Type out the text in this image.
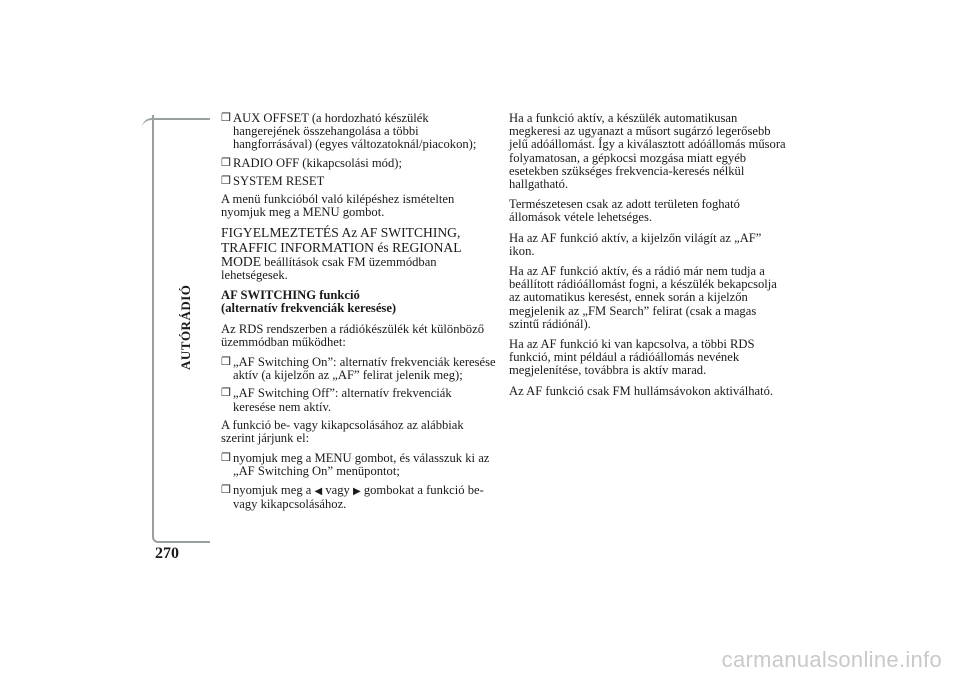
AUTÓRÁDIÓ
270
❒ AUX OFFSET (a hordozható készülék hangerejének összehangolása a többi hangforrásával) (egyes változatoknál/piacokon);
❒ RADIO OFF (kikapcsolási mód);
❒ SYSTEM RESET

A menü funkcióból való kilépéshez ismételten nyomjuk meg a MENU gombot.

FIGYELMEZTETÉS Az AF SWITCHING, TRAFFIC INFORMATION és REGIONAL MODE beállítások csak FM üzemmódban lehetségesek.

AF SWITCHING funkció
(alternatív frekvenciák keresése)

Az RDS rendszerben a rádiókészülék két különböző üzemmódban működhet:

❒ „AF Switching On”: alternatív frekvenciák keresése aktív (a kijelzőn az „AF” felirat jelenik meg);
❒ „AF Switching Off”: alternatív frekvenciák keresése nem aktív.

A funkció be- vagy kikapcsolásához az alábbiak szerint járjunk el:

❒ nyomjuk meg a MENU gombot, és válasszuk ki az „AF Switching On” menüpontot;
❒ nyomjuk meg a ◀ vagy ▶ gombokat a funkció be- vagy kikapcsolásához.

Ha a funkció aktív, a készülék automatikusan megkeresi az ugyanazt a műsort sugárzó legerősebb jelű adóállomást. Így a kiválasztott adóállomás műsora folyamatosan, a gépkocsi mozgása miatt egyéb esetekben szükséges frekvencia-keresés nélkül hallgatható.

Természetesen csak az adott területen fogható állomások vétele lehetséges.

Ha az AF funkció aktív, a kijelzőn világít az „AF” ikon.

Ha az AF funkció aktív, és a rádió már nem tudja a beállított rádióállomást fogni, a készülék bekapcsolja az automatikus keresést, ennek során a kijelzőn megjelenik az „FM Search” felirat (csak a magas szintű rádiónál).

Ha az AF funkció ki van kapcsolva, a többi RDS funkció, mint például a rádióállomás nevének megjelenítése, továbbra is aktív marad.

Az AF funkció csak FM hullámsávokon aktiválható.

carmanualsonline.info
